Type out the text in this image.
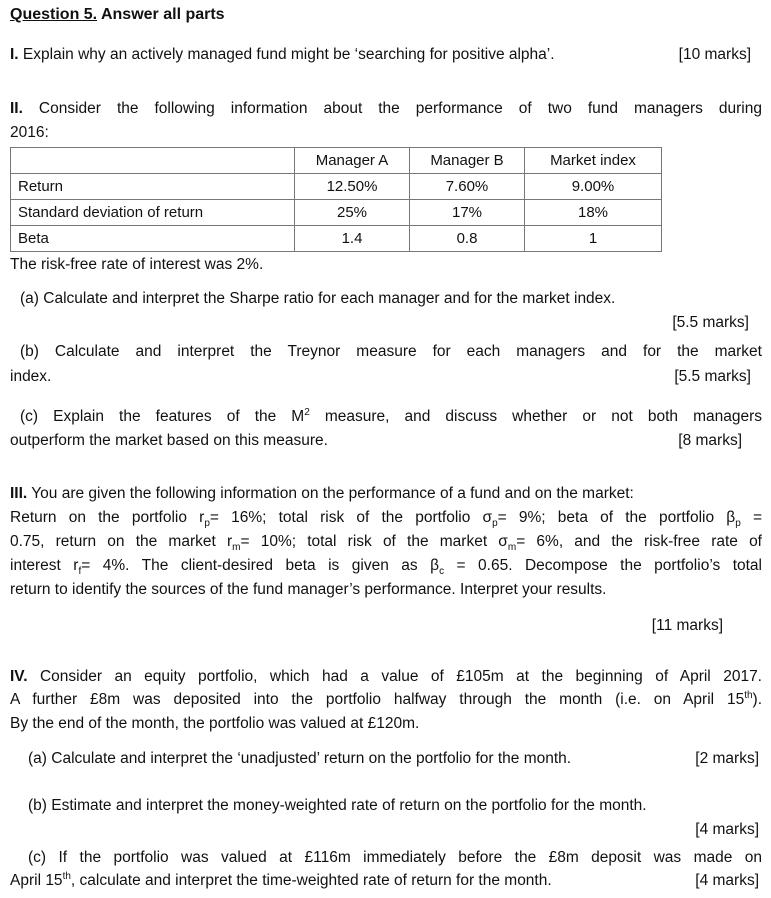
Question 5. Answer all parts
I. Explain why an actively managed fund might be ‘searching for positive alpha’.	[10 marks]
II. Consider the following information about the performance of two fund managers during
2016:
	Manager A	Manager B	Market index
Return	12.50%	7.60%	9.00%
Standard deviation of return	25%	17%	18%
Beta	1.4	0.8	1
The risk-free rate of interest was 2%.
(a) Calculate and interpret the Sharpe ratio for each manager and for the market index.
[5.5 marks]
(b) Calculate and interpret the Treynor measure for each managers and for the market
index.	[5.5 marks]
(c) Explain the features of the $M^2$ measure, and discuss whether or not both managers
outperform the market based on this measure.	[8 marks]
III. You are given the following information on the performance of a fund and on the market:
Return on the portfolio $r_p= 16\%$; total risk of the portfolio $\sigma_p= 9\%$; beta of the portfolio $\beta_p$ =
0.75, return on the market $r_m= 10\%$; total risk of the market $\sigma_m= 6\%$, and the risk-free rate of
interest $r_f= 4\%$. The client-desired beta is given as $\beta_c = 0.65$. Decompose the portfolio’s total
return to identify the sources of the fund manager’s performance. Interpret your results.
[11 marks]
IV. Consider an equity portfolio, which had a value of £105m at the beginning of April 2017.
A further £8m was deposited into the portfolio halfway through the month (i.e. on April 15th).
By the end of the month, the portfolio was valued at £120m.
(a) Calculate and interpret the ‘unadjusted’ return on the portfolio for the month.	[2 marks]
(b) Estimate and interpret the money-weighted rate of return on the portfolio for the month.
[4 marks]
(c) If the portfolio was valued at £116m immediately before the £8m deposit was made on
April 15th, calculate and interpret the time-weighted rate of return for the month.	[4 marks]
